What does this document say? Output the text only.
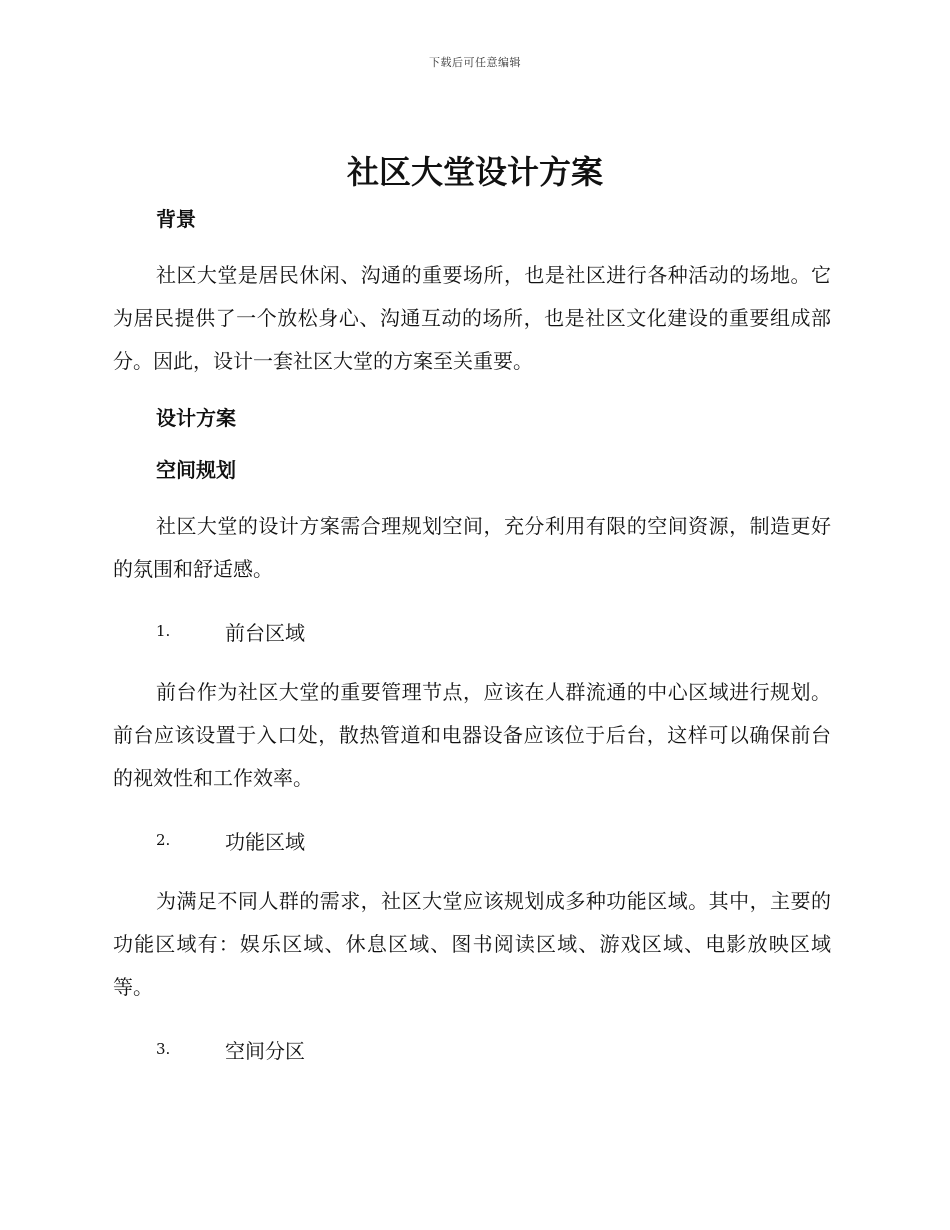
下载后可任意编辑
社区大堂设计方案
背景

社区大堂是居民休闲、沟通的重要场所，也是社区进行各种活动的场地。它为居民提供了一个放松身心、沟通互动的场所，也是社区文化建设的重要组成部分。因此，设计一套社区大堂的方案至关重要。

设计方案
空间规划

社区大堂的设计方案需合理规划空间，充分利用有限的空间资源，制造更好的氛围和舒适感。

1.	前台区域

前台作为社区大堂的重要管理节点，应该在人群流通的中心区域进行规划。前台应该设置于入口处，散热管道和电器设备应该位于后台，这样可以确保前台的视效性和工作效率。

2.	功能区域

为满足不同人群的需求，社区大堂应该规划成多种功能区域。其中，主要的功能区域有：娱乐区域、休息区域、图书阅读区域、游戏区域、电影放映区域等。

3.	空间分区
